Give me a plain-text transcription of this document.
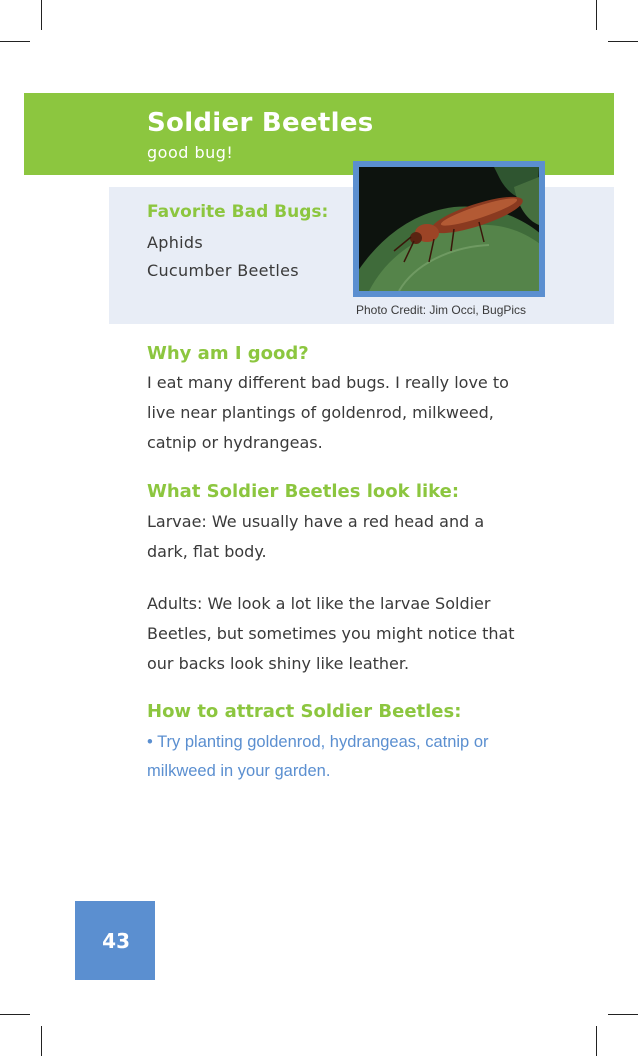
Soldier Beetles
good bug!
Favorite Bad Bugs:
Aphids
Cucumber Beetles
Photo Credit: Jim Occi, BugPics
Why am I good?
I eat many different bad bugs. I really love to
live near plantings of goldenrod, milkweed,
catnip or hydrangeas.
What Soldier Beetles look like:
Larvae: We usually have a red head and a
dark, flat body.
Adults: We look a lot like the larvae Soldier
Beetles, but sometimes you might notice that
our backs look shiny like leather.
How to attract Soldier Beetles:
• Try planting goldenrod, hydrangeas, catnip or
milkweed in your garden.
43
